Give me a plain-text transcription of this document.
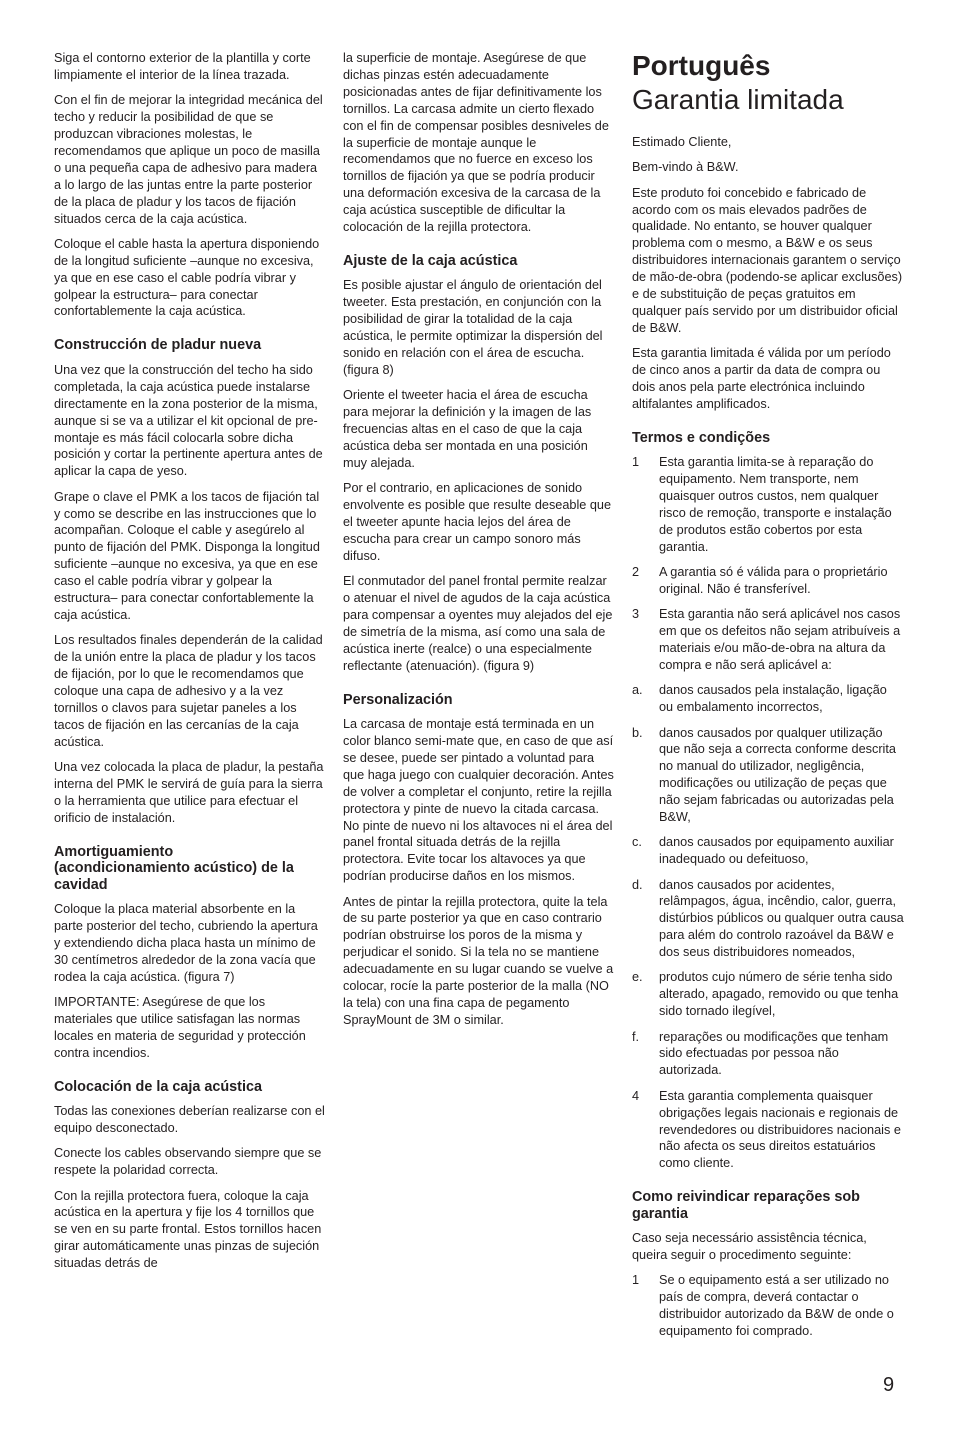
Siga el contorno exterior de la plantilla y corte limpiamente el interior de la línea trazada.

Con el fin de mejorar la integridad mecánica del techo y reducir la posibilidad de que se produzcan vibraciones molestas, le recomendamos que aplique un poco de masilla o una pequeña capa de adhesivo para madera a lo largo de las juntas entre la parte posterior de la placa de pladur y los tacos de fijación situados cerca de la caja acústica.

Coloque el cable hasta la apertura disponiendo de la longitud suficiente –aunque no excesiva, ya que en ese caso el cable podría vibrar y golpear la estructura– para conectar confortablemente la caja acústica.

Construcción de pladur nueva

Una vez que la construcción del techo ha sido completada, la caja acústica puede instalarse directamente en la zona posterior de la misma, aunque si se va a utilizar el kit opcional de pre-montaje es más fácil colocarla sobre dicha posición y cortar la pertinente apertura antes de aplicar la capa de yeso.

Grape o clave el PMK a los tacos de fijación tal y como se describe en las instrucciones que lo acompañan. Coloque el cable y asegúrelo al punto de fijación del PMK. Disponga la longitud suficiente –aunque no excesiva, ya que en ese caso el cable podría vibrar y golpear la estructura– para conectar confortablemente la caja acústica.

Los resultados finales dependerán de la calidad de la unión entre la placa de pladur y los tacos de fijación, por lo que le recomendamos que coloque una capa de adhesivo y a la vez tornillos o clavos para sujetar paneles a los tacos de fijación en las cercanías de la caja acústica.

Una vez colocada la placa de pladur, la pestaña interna del PMK le servirá de guía para la sierra o la herramienta que utilice para efectuar el orificio de instalación.

Amortiguamiento (acondicionamiento acústico) de la cavidad

Coloque la placa material absorbente en la parte posterior del techo, cubriendo la apertura y extendiendo dicha placa hasta un mínimo de 30 centímetros alrededor de la zona vacía que rodea la caja acústica. (figura 7)

IMPORTANTE: Asegúrese de que los materiales que utilice satisfagan las normas locales en materia de seguridad y protección contra incendios.

Colocación de la caja acústica

Todas las conexiones deberían realizarse con el equipo desconectado.

Conecte los cables observando siempre que se respete la polaridad correcta.

Con la rejilla protectora fuera, coloque la caja acústica en la apertura y fije los 4 tornillos que se ven en su parte frontal. Estos tornillos hacen girar automáticamente unas pinzas de sujeción situadas detrás de

la superficie de montaje. Asegúrese de que dichas pinzas estén adecuadamente posicionadas antes de fijar definitivamente los tornillos. La carcasa admite un cierto flexado con el fin de compensar posibles desniveles de la superficie de montaje aunque le recomendamos que no fuerce en exceso los tornillos de fijación ya que se podría producir una deformación excesiva de la carcasa de la caja acústica susceptible de dificultar la colocación de la rejilla protectora.

Ajuste de la caja acústica

Es posible ajustar el ángulo de orientación del tweeter. Esta prestación, en conjunción con la posibilidad de girar la totalidad de la caja acústica, le permite optimizar la dispersión del sonido en relación con el área de escucha. (figura 8)

Oriente el tweeter hacia el área de escucha para mejorar la definición y la imagen de las frecuencias altas en el caso de que la caja acústica deba ser montada en una posición muy alejada.

Por el contrario, en aplicaciones de sonido envolvente es posible que resulte deseable que el tweeter apunte hacia lejos del área de escucha para crear un campo sonoro más difuso.

El conmutador del panel frontal permite realzar o atenuar el nivel de agudos de la caja acústica para compensar a oyentes muy alejados del eje de simetría de la misma, así como una sala de acústica inerte (realce) o una especialmente reflectante (atenuación). (figura 9)

Personalización

La carcasa de montaje está terminada en un color blanco semi-mate que, en caso de que así se desee, puede ser pintado a voluntad para que haga juego con cualquier decoración. Antes de volver a completar el conjunto, retire la rejilla protectora y pinte de nuevo la citada carcasa. No pinte de nuevo ni los altavoces ni el área del panel frontal situada detrás de la rejilla protectora. Evite tocar los altavoces ya que podrían producirse daños en los mismos.

Antes de pintar la rejilla protectora, quite la tela de su parte posterior ya que en caso contrario podrían obstruirse los poros de la misma y perjudicar el sonido. Si la tela no se mantiene adecuadamente en su lugar cuando se vuelve a colocar, rocíe la parte posterior de la malla (NO la tela) con una fina capa de pegamento SprayMount de 3M o similar.

Português
Garantia limitada

Estimado Cliente,

Bem-vindo à B&W.

Este produto foi concebido e fabricado de acordo com os mais elevados padrões de qualidade. No entanto, se houver qualquer problema com o mesmo, a B&W e os seus distribuidores internacionais garantem o serviço de mão-de-obra (podendo-se aplicar exclusões) e de substituição de peças gratuitos em qualquer país servido por um distribuidor oficial de B&W.

Esta garantia limitada é válida por um período de cinco anos a partir da data de compra ou dois anos pela parte electrónica incluindo altifalantes amplificados.

Termos e condições
1	Esta garantia limita-se à reparação do equipamento. Nem transporte, nem quaisquer outros custos, nem qualquer risco de remoção, transporte e instalação de produtos estão cobertos por esta garantia.
2	A garantia só é válida para o proprietário original. Não é transferível.
3	Esta garantia não será aplicável nos casos em que os defeitos não sejam atribuíveis a materiais e/ou mão-de-obra na altura da compra e não será aplicável a:
a.	danos causados pela instalação, ligação ou embalamento incorrectos,
b.	danos causados por qualquer utilização que não seja a correcta conforme descrita no manual do utilizador, negligência, modificações ou utilização de peças que não sejam fabricadas ou autorizadas pela B&W,
c.	danos causados por equipamento auxiliar inadequado ou defeituoso,
d.	danos causados por acidentes, relâmpagos, água, incêndio, calor, guerra, distúrbios públicos ou qualquer outra causa para além do controlo razoável da B&W e dos seus distribuidores nomeados,
e.	produtos cujo número de série tenha sido alterado, apagado, removido ou que tenha sido tornado ilegível,
f.	reparações ou modificações que tenham sido efectuadas por pessoa não autorizada.
4	Esta garantia complementa quaisquer obrigações legais nacionais e regionais de revendedores ou distribuidores nacionais e não afecta os seus direitos estatuários como cliente.
Como reivindicar reparações sob garantia

Caso seja necessário assistência técnica, queira seguir o procedimento seguinte:

1	Se o equipamento está a ser utilizado no país de compra, deverá contactar o distribuidor autorizado da B&W de onde o equipamento foi comprado.
9
